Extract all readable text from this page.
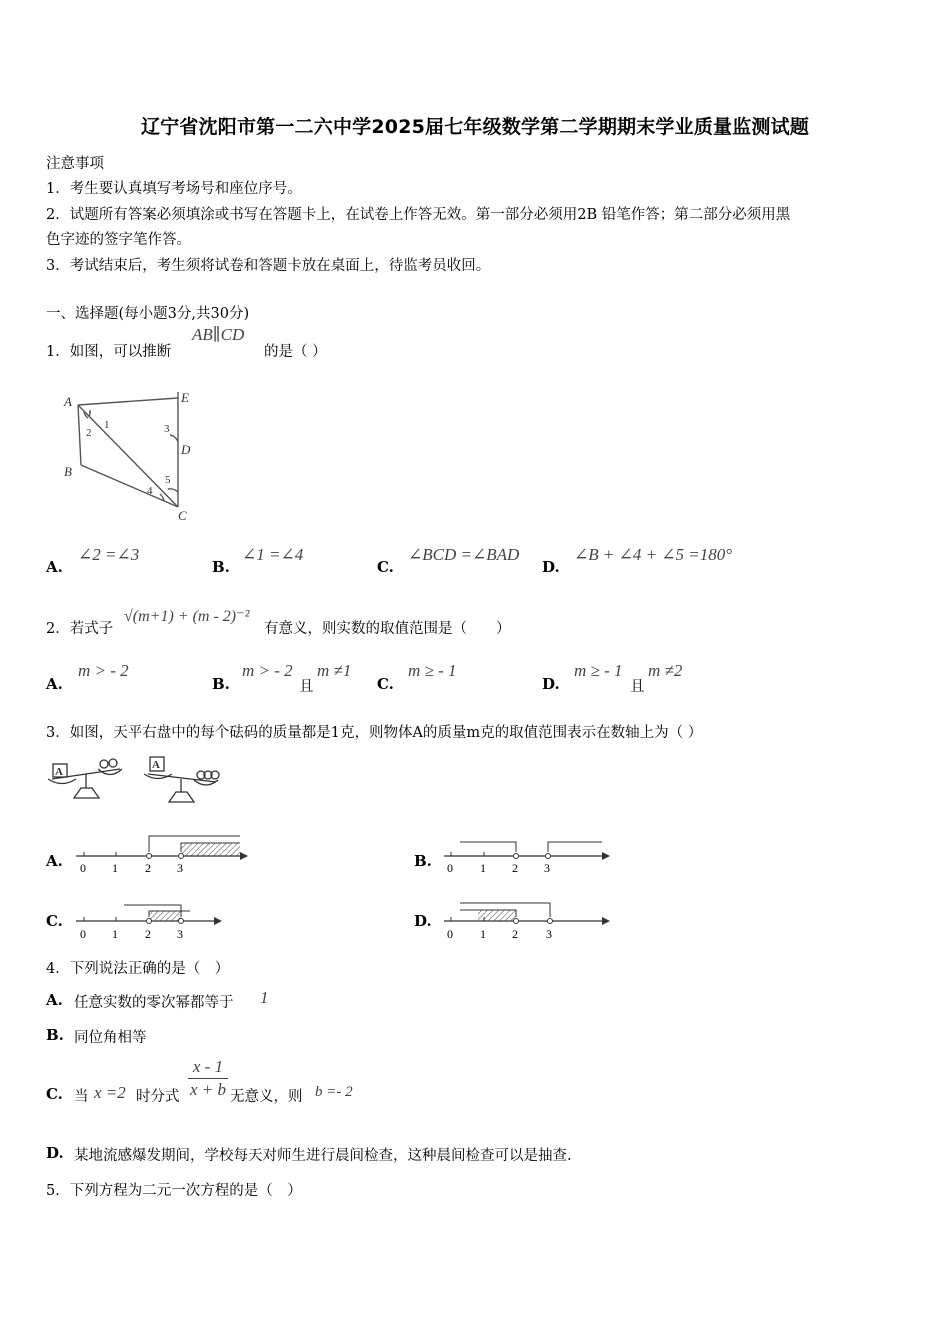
辽宁省沈阳市第一二六中学2025届七年级数学第二学期期末学业质量监测试题
注意事项
1．考生要认真填写考场号和座位序号。
2．试题所有答案必须填涂或书写在答题卡上，在试卷上作答无效。第一部分必须用2B 铅笔作答；第二部分必须用黑
色字迹的签字笔作答。
3．考试结束后，考生须将试卷和答题卡放在桌面上，待监考员收回。
一、选择题(每小题3分,共30分)
1．如图，可以推断
AB∥CD
的是（ ）
A
B
C
D
E
1
2	3
4
5
A.
∠2 =∠3
B.
∠1 =∠4
C.
∠BCD =∠BAD
D.
∠B + ∠4 + ∠5 =180°
2．若式子
√(m+1) + (m - 2)⁻²
有意义，则实数的取值范围是（　　）
A.
m > - 2
B.
m > - 2
且
m ≠1
C.
m ≥ - 1
D.
m ≥ - 1
且
m ≠2
3．如图，天平右盘中的每个砝码的质量都是1克，则物体A的质量m克的取值范围表示在数轴上为（ ）
A
A
A.	B.
C.	D.
0 1 2 3	0 1 2 3
0 1 2 3	0 1 2 3
4．下列说法正确的是（　）
A. 任意实数的零次幂都等于 1
B. 同位角相等
C. 当 x =2 时分式 $\frac{x - 1}{x + b}$ 无意义，则 b =- 2
D. 某地流感爆发期间，学校每天对师生进行晨间检查，这种晨间检查可以是抽查.
5．下列方程为二元一次方程的是（　）
